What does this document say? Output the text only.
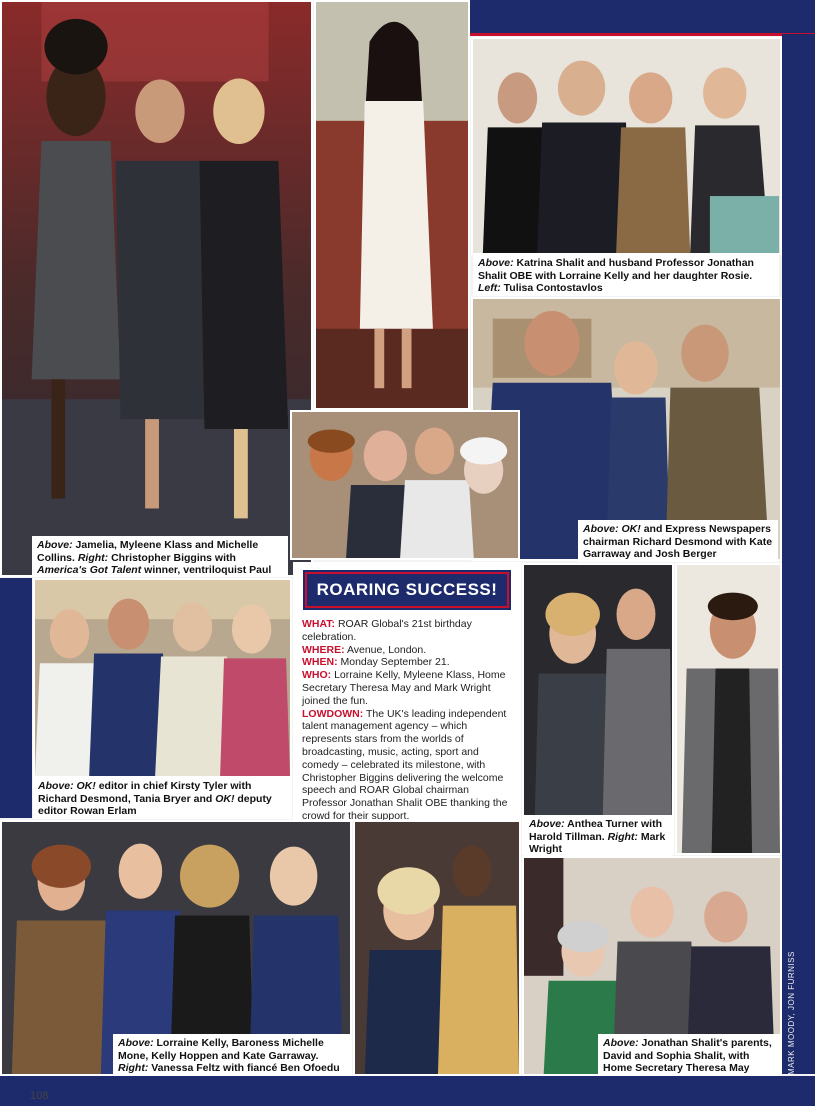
Above: Katrina Shalit and husband Professor Jonathan Shalit OBE with Lorraine Kelly and her daughter Rosie. Left: Tulisa Contostavlos
Above: OK! and Express Newspapers chairman Richard Desmond with Kate Garraway and Josh Berger
Above: Jamelia, Myleene Klass and Michelle Collins. Right: Christopher Biggins with America's Got Talent winner, ventriloquist Paul
ROARING SUCCESS!
WHAT: ROAR Global's 21st birthday celebration.
WHERE: Avenue, London.
WHEN: Monday September 21.
WHO: Lorraine Kelly, Myleene Klass, Home Secretary Theresa May and Mark Wright joined the fun.
LOWDOWN: The UK's leading independent talent management agency – which represents stars from the worlds of broadcasting, music, acting, sport and comedy – celebrated its milestone, with Christopher Biggins delivering the welcome speech and ROAR Global chairman Professor Jonathan Shalit OBE thanking the crowd for their support.
Above: OK! editor in chief Kirsty Tyler with Richard Desmond, Tania Bryer and OK! deputy editor Rowan Erlam
Above: Anthea Turner with Harold Tillman. Right: Mark Wright
Above: Lorraine Kelly, Baroness Michelle Mone, Kelly Hoppen and Kate Garraway. Right: Vanessa Feltz with fiancé Ben Ofoedu
Above: Jonathan Shalit's parents, David and Sophia Shalit, with Home Secretary Theresa May
108
MARK MOODY, JON FURNISS
